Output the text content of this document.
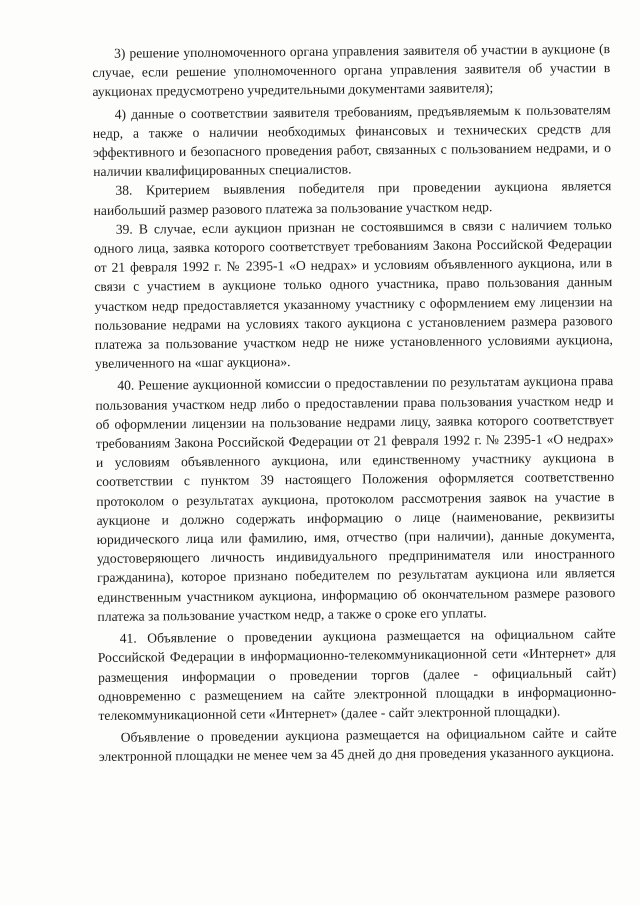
3) решение уполномоченного органа управления заявителя об участии в аукционе (в случае, если решение уполномоченного органа управления заявителя об участии в аукционах предусмотрено учредительными документами заявителя);

4) данные о соответствии заявителя требованиям, предъявляемым к пользователям недр, а также о наличии необходимых финансовых и технических средств для эффективного и безопасного проведения работ, связанных с пользованием недрами, и о наличии квалифицированных специалистов.

38. Критерием выявления победителя при проведении аукциона является наибольший размер разового платежа за пользование участком недр.

39. В случае, если аукцион признан не состоявшимся в связи с наличием только одного лица, заявка которого соответствует требованиям Закона Российской Федерации от 21 февраля 1992 г. № 2395-1 «О недрах» и условиям объявленного аукциона, или в связи с участием в аукционе только одного участника, право пользования данным участком недр предоставляется указанному участнику с оформлением ему лицензии на пользование недрами на условиях такого аукциона с установлением размера разового платежа за пользование участком недр не ниже установленного условиями аукциона, увеличенного на «шаг аукциона».

40. Решение аукционной комиссии о предоставлении по результатам аукциона права пользования участком недр либо о предоставлении права пользования участком недр и об оформлении лицензии на пользование недрами лицу, заявка которого соответствует требованиям Закона Российской Федерации от 21 февраля 1992 г. № 2395-1 «О недрах» и условиям объявленного аукциона, или единственному участнику аукциона в соответствии с пунктом 39 настоящего Положения оформляется соответственно протоколом о результатах аукциона, протоколом рассмотрения заявок на участие в аукционе и должно содержать информацию о лице (наименование, реквизиты юридического лица или фамилию, имя, отчество (при наличии), данные документа, удостоверяющего личность индивидуального предпринимателя или иностранного гражданина), которое признано победителем по результатам аукциона или является единственным участником аукциона, информацию об окончательном размере разового платежа за пользование участком недр, а также о сроке его уплаты.

41. Объявление о проведении аукциона размещается на официальном сайте Российской Федерации в информационно-телекоммуникационной сети «Интернет» для размещения информации о проведении торгов (далее - официальный сайт) одновременно с размещением на сайте электронной площадки в информационно-телекоммуникационной сети «Интернет» (далее - сайт электронной площадки).

Объявление о проведении аукциона размещается на официальном сайте и сайте электронной площадки не менее чем за 45 дней до дня проведения указанного аукциона.
